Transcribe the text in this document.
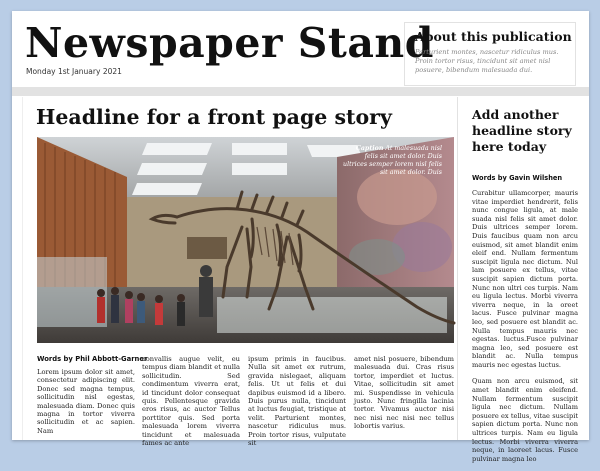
Newspaper Stand
Monday 1st January 2021
About this publication
Parturient montes, nascetur ridiculus mus. Proin tortor risus, tincidunt sit amet nisl posuere, bibendum malesuada dui.
Headline for a front page story
Caption At malesuada nisl felis sit amet dolor. Duis ultrices semper lorem nisl felis sit amet dolor. Duis
Words by Phil Abbott-Garner
Lorem ipsum dolor sit amet, consectetur adipiscing elit. Donec sed magna tempus, sollicitudin nisl egestas, malesuada diam. Donec quis magna in tortor viverra sollicitudin et ac sapien. Nam
convallis augue velit, eu tempus diam blandit et nulla sollicitudin. Sed condimentum viverra erat, id tincidunt dolor consequat quis. Pellentesque gravida eros risus, ac auctor Tellus porttitor quis. Sed porta malesuada lorem viverra tincidunt et malesuada fames ac ante
ipsum primis in faucibus. Nulla sit amet ex rutrum, gravida nislegaet, aliquam felis. Ut ut felis et dui dapibus euismod id a libero. Duis purus nulla, tincidunt at luctus feugiat, tristique at velit. Parturient montes, nascetur ridiculus mus. Proin tortor risus, vulputate sit
amet nisl posuere, bibendum malesuada dui. Cras risus tortor, imperdiet et luctus. Vitae, sollicitudin sit amet mi. Suspendisse in vehicula justo. Nunc fringilla lacinia tortor. Vivamus auctor nisi nec nisi nec nisi nec tellus lobortis varius.
Add another headline story here today
Words by Gavin Wilshen

Curabitur ullamcorper, mauris vitae imperdiet hendrerit, felis nunc congue ligula, at male suada nisl felis sit amet dolor. Duis ultrices semper lorem. Duis faucibus quam non arcu euismod, sit amet blandit enim eleif end. Nullam fermentum suscipit ligula nec dictum. Nul lam posuere ex tellus, vitae suscipit sapien dictum porta. Nunc non ultri ces turpis. Nam eu ligula lectus. Morbi viverra viverra neque, in la oreet lacus. Fusce pulvinar magna leo, sed posuere est blandit ac. Nulla tempus mauris nec egestas. luctus.Fusce pulvinar magna leo, sed posuere est blandit ac. Nulla tempus mauris nec egestas luctus.

Quam non arcu euismod, sit amet blandit enim eleifend. Nullam fermentum suscipit ligula nec dictum. Nullam posuere ex tellus, vitae suscipit sapien dictum porta. Nunc non ultrices turpis. Nam eu ligula lectus. Morbi viverra viverra neque, in laoreet lacus. Fusce pulvinar magna leo
